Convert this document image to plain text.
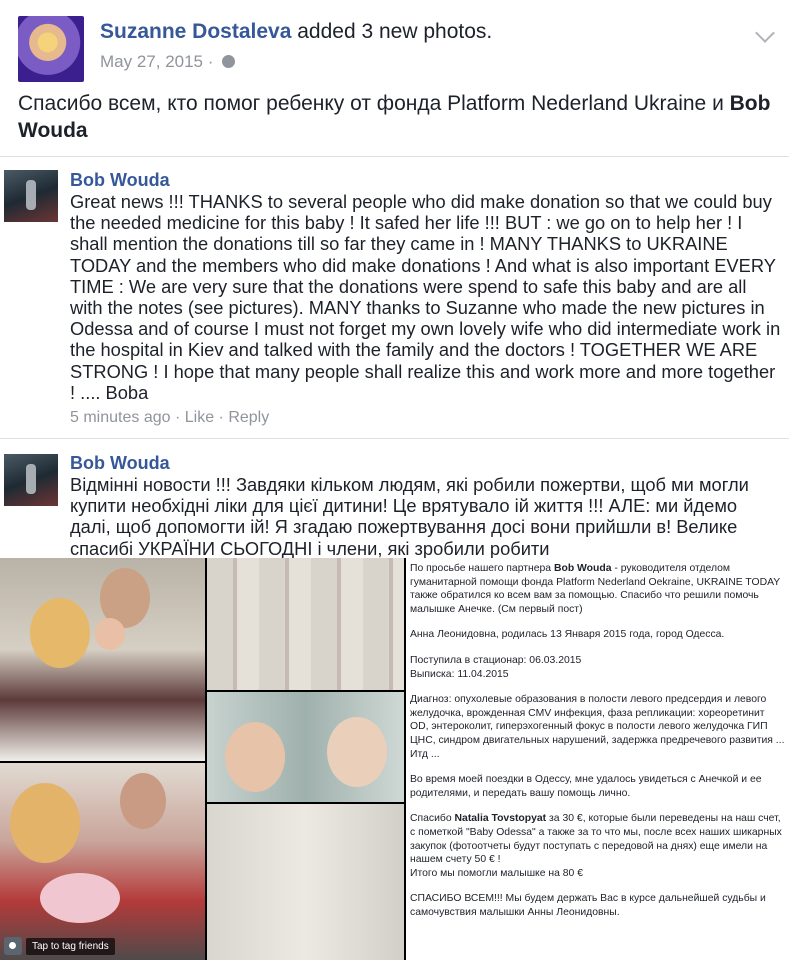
Suzanne Dostaleva added 3 new photos.
May 27, 2015 ·
Спасибо всем, кто помог ребенку от фонда Platform Nederland Ukraine и Bob Wouda
Bob Wouda
Great news !!! THANKS to several people who did make donation so that we could buy the needed medicine for this baby ! It safed her life !!! BUT : we go on to help her ! I shall mention the donations till so far they came in ! MANY THANKS to UKRAINE TODAY and the members who did make donations ! And what is also important EVERY TIME : We are very sure that the donations were spend to safe this baby and are all with the notes (see pictures). MANY thanks to Suzanne who made the new pictures in Odessa and of course I must not forget my own lovely wife who did intermediate work in the hospital in Kiev and talked with the family and the doctors ! TOGETHER WE ARE STRONG ! I hope that many people shall realize this and work more and more together ! .... Boba
5 minutes ago · Like · Reply
Bob Wouda
Відмінні новости !!! Завдяки кільком людям, які робили пожертви, щоб ми могли купити необхідні ліки для цієї дитини! Це врятувало ій життя !!! АЛЕ: ми йдемо далі, щоб допомогти ій! Я згадаю пожертвування досі вони прийшли в! Велике спасибі УКРАЇНИ СЬОГОДНІ і члени, які зробили робити

По просьбе нашего партнера Bob Wouda - руководителя отделом гуманитарной помощи фонда Platform Nederland Oekraine, UKRAINE TODAY также обратился ко всем вам за помощью. Спасибо что решили помочь малышке Анечке. (См первый пост)

Анна Леонидовна, родилась 13 Января 2015 года, город Одесса.

Поступила в стационар: 06.03.2015
Выписка: 11.04.2015

Диагноз: опухолевые образования в полости левого предсердия и левого желудочка, врожденная CMV инфекция, фаза репликации: хореоретинит OD, энтероколит, гиперэхогенный фокус в полости левого желудочка ГИП ЦНС, синдром двигательных нарушений, задержка предречевого развития ... Итд ...

Во время моей поездки в Одессу, мне удалось увидеться с Анечкой и ее родителями, и передать вашу помощь лично.

Спасибо Natalia Tovstopyat за 30 €, которые были переведены на наш счет, с пометкой "Baby Odessa" а также за то что мы, после всех наших шикарных закупок (фотоотчеты будут поступать с передовой на днях) еще имели на нашем счету 50 € !
Итого мы помогли малышке на 80 €

СПАСИБО ВСЕМ!!! Мы будем держать Вас в курсе дальнейшей судьбы и самочувствия малышки Анны Леонидовны.

Tap to tag friends
